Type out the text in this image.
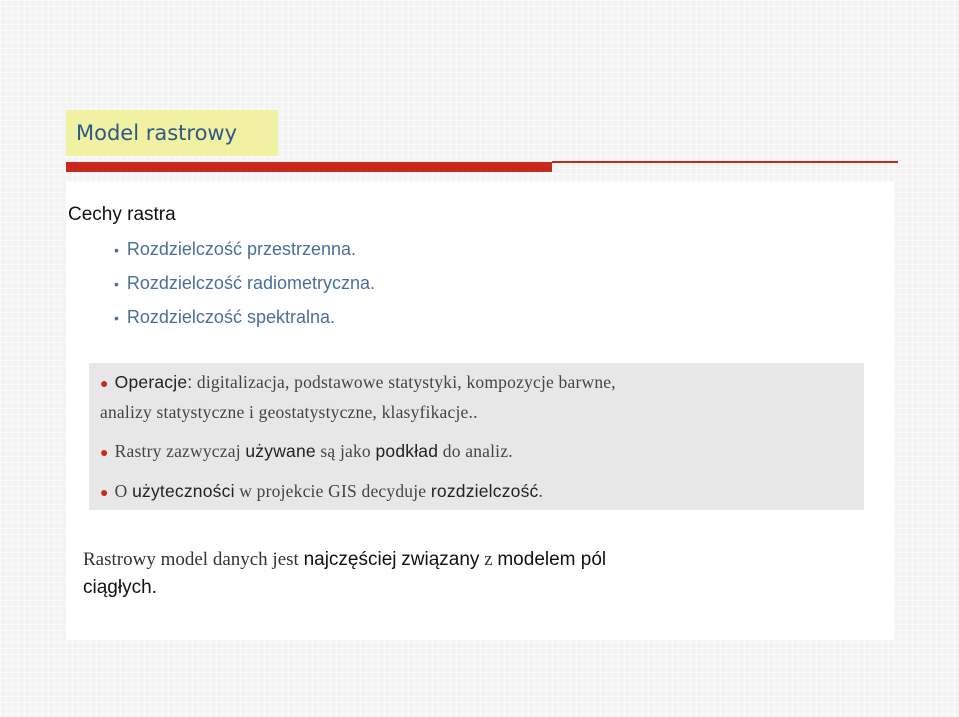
Model rastrowy
Cechy rastra
• Rozdzielczość przestrzenna.
• Rozdzielczość radiometryczna.
• Rozdzielczość spektralna.
● Operacje: digitalizacja, podstawowe statystyki, kompozycje barwne,
analizy statystyczne i geostatystyczne, klasyfikacje..
● Rastry zazwyczaj używane są jako podkład do analiz.
● O użyteczności w projekcie GIS decyduje rozdzielczość.
Rastrowy model danych jest najczęściej związany z modelem pól
ciągłych.
